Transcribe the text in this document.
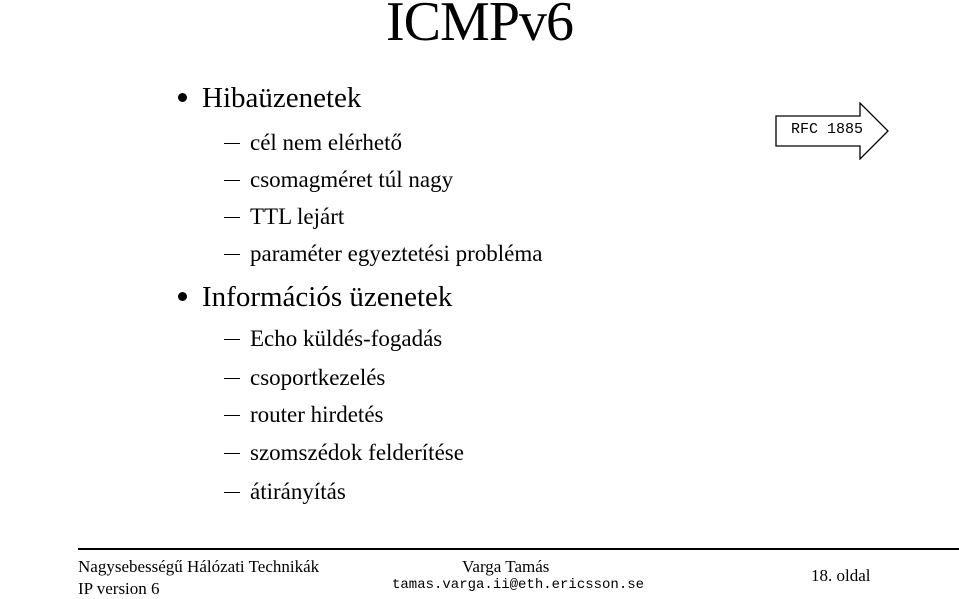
ICMPv6
Hibaüzenetek
cél nem elérhető
csomagméret túl nagy
TTL lejárt
paraméter egyeztetési probléma
Információs üzenetek
Echo küldés-fogadás
csoportkezelés
router hirdetés
szomszédok felderítése
átirányítás
RFC 1885
Nagysebességű Hálózati Technikák
IP version 6
Varga Tamás
tamas.varga.ii@eth.ericsson.se	18. oldal
